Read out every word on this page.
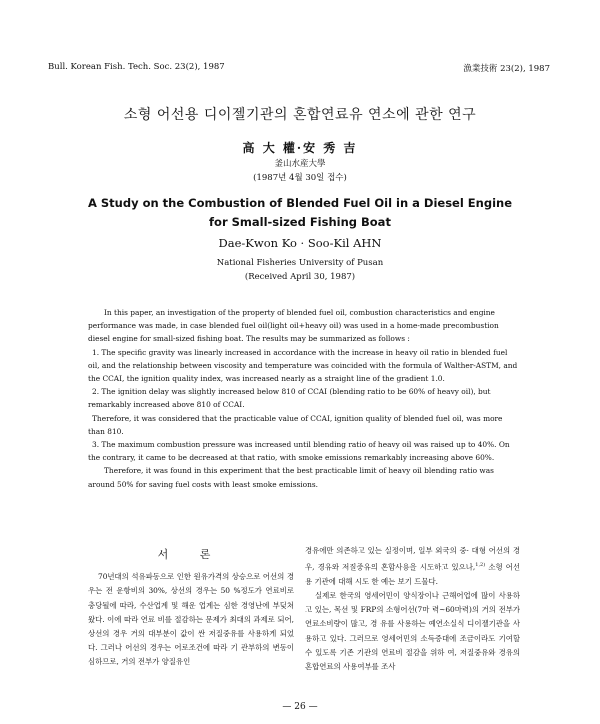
Bull. Korean Fish. Tech. Soc. 23(2), 1987	漁業技術 23(2), 1987
소형 어선용 디이젤기관의 혼합연료유 연소에 관한 연구
高 大 權·安 秀 吉
釜山水産大學
(1987년 4월 30일 접수)
A Study on the Combustion of Blended Fuel Oil in a Diesel Engine
for Small-sized Fishing Boat
Dae-Kwon Ko · Soo-Kil AHN
National Fisheries University of Pusan
(Received April 30, 1987)

In this paper, an investigation of the property of blended fuel oil, combustion characteristics and engine performance was made, in case blended fuel oil(light oil+heavy oil) was used in a home-made precombustion diesel engine for small-sized fishing boat. The results may be summarized as follows :

1. The specific gravity was linearly increased in accordance with the increase in heavy oil ratio in blended fuel oil, and the relationship between viscosity and temperature was coincided with the formula of Walther-ASTM, and the CCAI, the ignition quality index, was increased nearly as a straight line of the gradient 1.0.

2. The ignition delay was slightly increased below 810 of CCAI (blending ratio to be 60% of heavy oil), but remarkably increased above 810 of CCAI.

Therefore, it was considered that the practicable value of CCAI, ignition quality of blended fuel oil, was more than 810.

3. The maximum combustion pressure was increased until blending ratio of heavy oil was raised up to 40%. On the contrary, it came to be decreased at that ratio, with smoke emissions remarkably increasing above 60%.

Therefore, it was found in this experiment that the best practicable limit of heavy oil blending ratio was around 50% for saving fuel costs with least smoke emissions.

서 론

70년대의 석유파동으로 인한 원유가격의 상승으로 어선의 경우는 전 운항비의 30%, 상선의 경우는 50 %정도가 연료비로 충당될에 따라, 수산업계 및 해운 업계는 심한 경영난에 부딪쳐 왔다. 이에 따라 연료 비를 절감하는 문제가 최대의 과제로 되어, 상선의 경우 거의 대부분이 값이 싼 저질중유를 사용하게 되었다. 그러나 어선의 경우는 어로조건에 따라 기 관부하의 변동이 심하므로, 거의 전부가 양질유인

경유에만 의존하고 있는 실정이며, 일부 외국의 중· 대형 어선의 경우, 경유와 저질중유의 혼합사용을 시도하고 있으나,$^{1,2)}$ 소형 어선용 기관에 대해 시도 한 예는 보기 드물다.

실제로 한국의 영세어민이 양식장이나 근해어업에 많이 사용하고 있는, 목선 및 FRP의 소형어선(7마 력~60마력)의 거의 전부가 연료소비량이 많고, 경 유를 사용하는 예연소실식 디이젤기관을 사용하고 있다. 그러므로 영세어민의 소득증대에 조금이라도 기여할 수 있도록 기존 기관의 연료비 절감을 위하 여, 저질중유와 경유의 혼합연료의 사용여부를 조사

— 26 —
